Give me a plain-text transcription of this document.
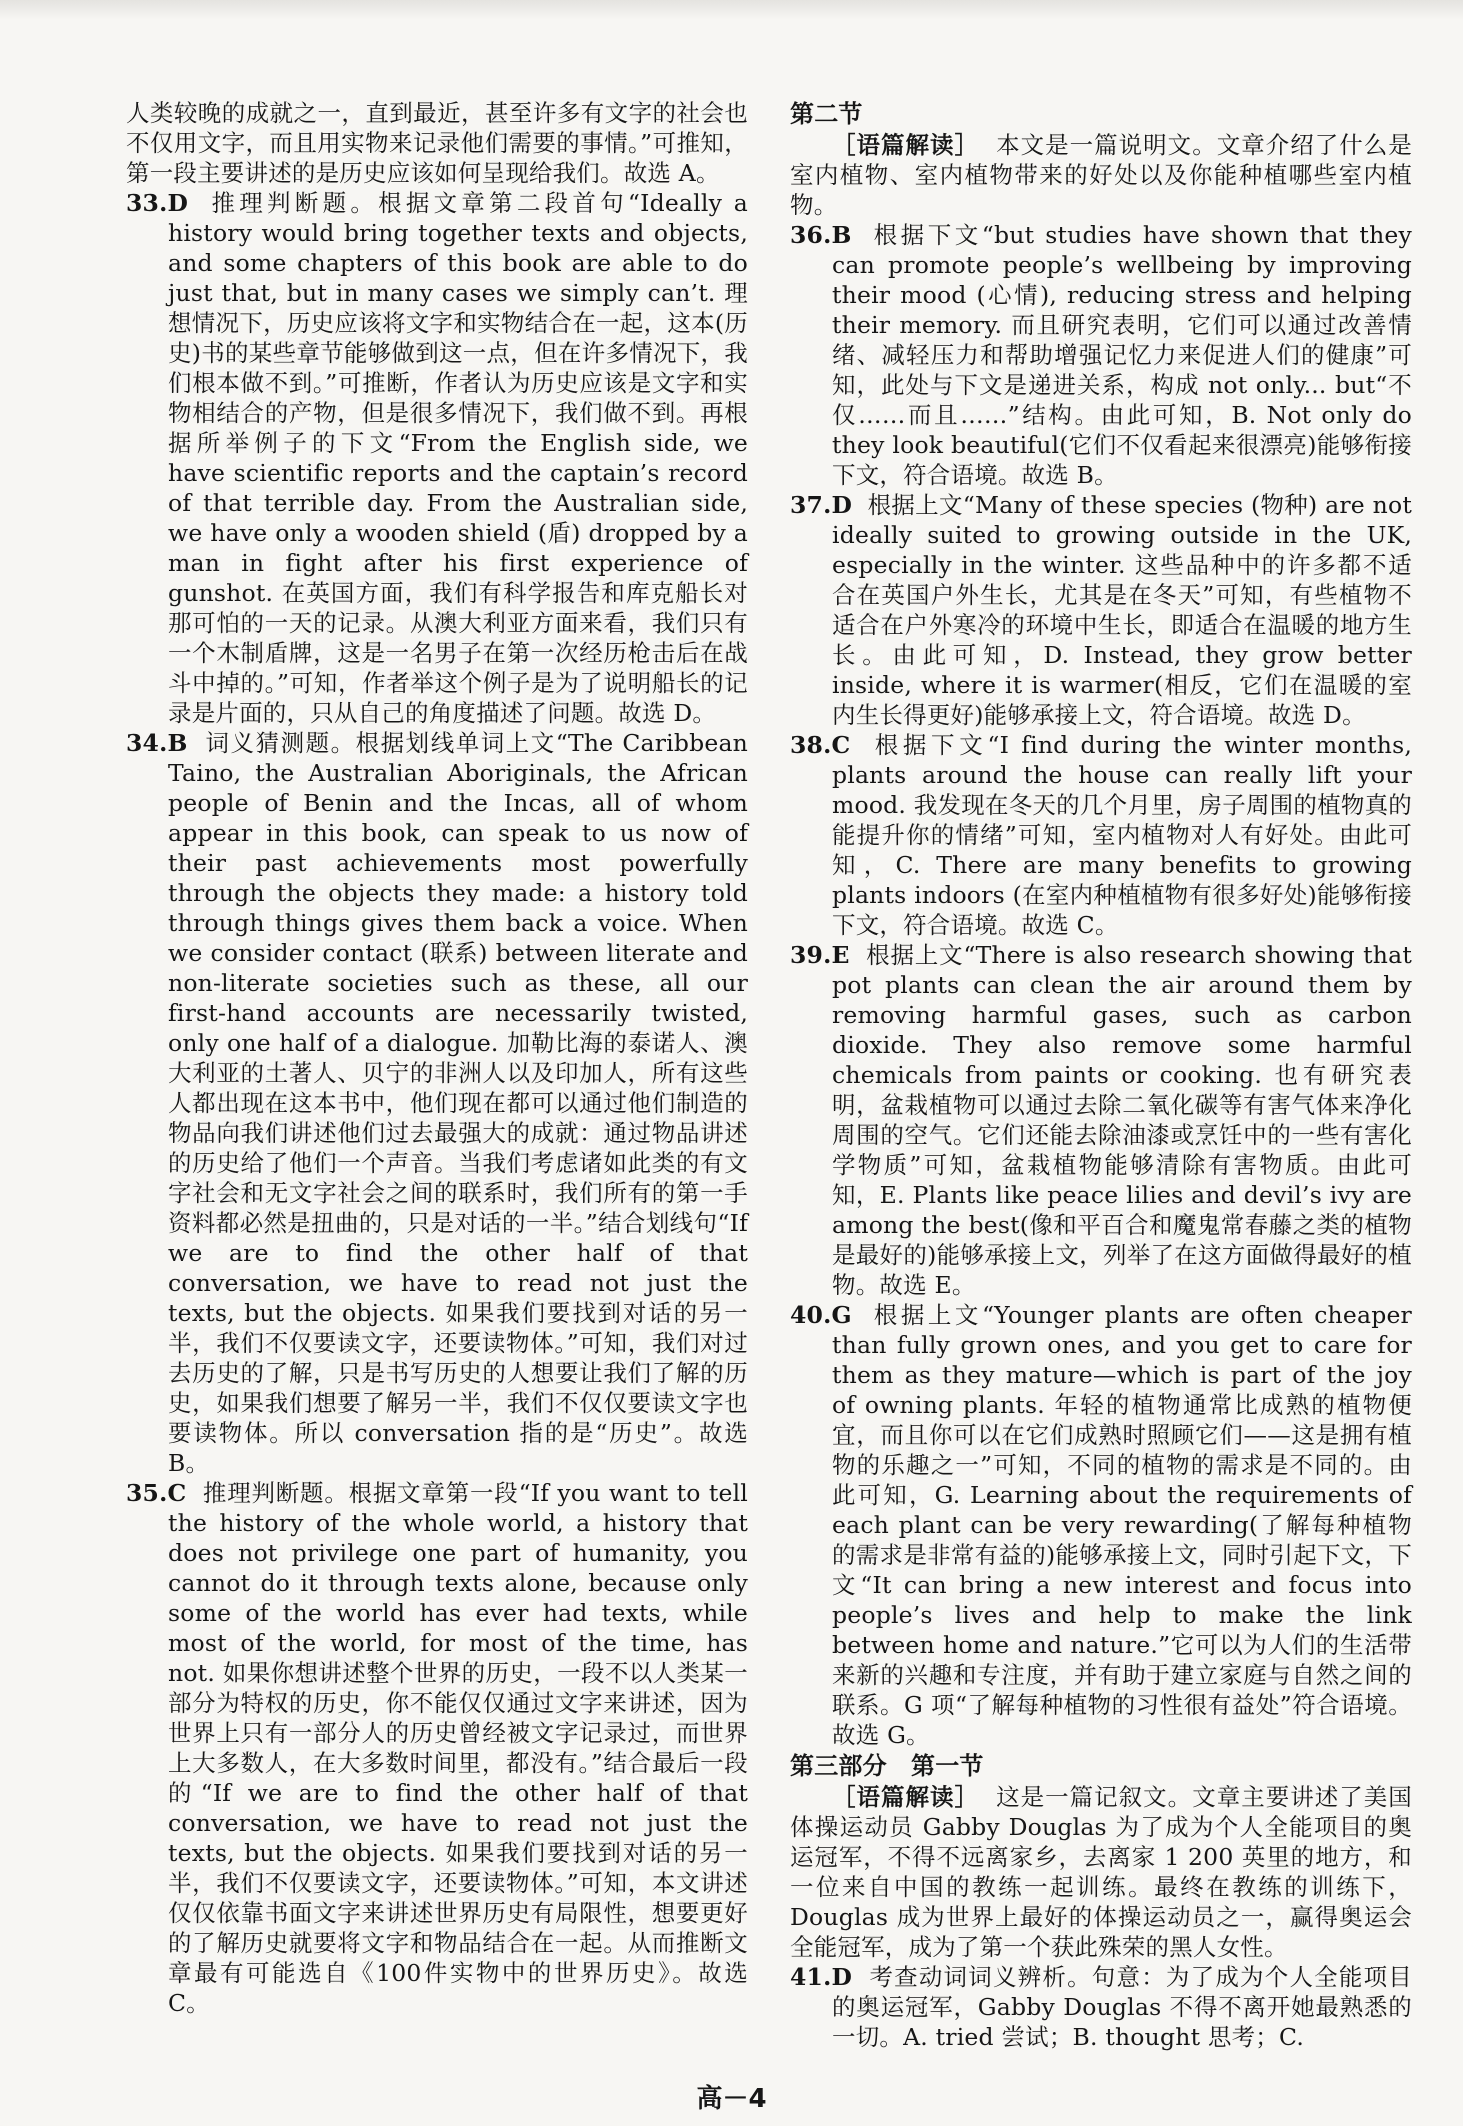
人类较晚的成就之一，直到最近，甚至许多有文字的社会也不仅用文字，而且用实物来记录他们需要的事情。”可推知，第一段主要讲述的是历史应该如何呈现给我们。故选 A。

33.D 推理判断题。根据文章第二段首句“Ideally a history would bring together texts and objects, and some chapters of this book are able to do just that, but in many cases we simply can’t. 理想情况下，历史应该将文字和实物结合在一起，这本(历史)书的某些章节能够做到这一点，但在许多情况下，我们根本做不到。”可推断，作者认为历史应该是文字和实物相结合的产物，但是很多情况下，我们做不到。再根据所举例子的下文“From the English side, we have scientific reports and the captain’s record of that terrible day. From the Australian side, we have only a wooden shield (盾) dropped by a man in fight after his first experience of gunshot. 在英国方面，我们有科学报告和库克船长对那可怕的一天的记录。从澳大利亚方面来看，我们只有一个木制盾牌，这是一名男子在第一次经历枪击后在战斗中掉的。”可知，作者举这个例子是为了说明船长的记录是片面的，只从自己的角度描述了问题。故选 D。

34.B 词义猜测题。根据划线单词上文“The Caribbean Taino, the Australian Aboriginals, the African people of Benin and the Incas, all of whom appear in this book, can speak to us now of their past achievements most powerfully through the objects they made: a history told through things gives them back a voice. When we consider contact (联系) between literate and non-literate societies such as these, all our first-hand accounts are necessarily twisted, only one half of a dialogue. 加勒比海的泰诺人、澳大利亚的土著人、贝宁的非洲人以及印加人，所有这些人都出现在这本书中，他们现在都可以通过他们制造的物品向我们讲述他们过去最强大的成就：通过物品讲述的历史给了他们一个声音。当我们考虑诸如此类的有文字社会和无文字社会之间的联系时，我们所有的第一手资料都必然是扭曲的，只是对话的一半。”结合划线句“If we are to find the other half of that conversation, we have to read not just the texts, but the objects. 如果我们要找到对话的另一半，我们不仅要读文字，还要读物体。”可知，我们对过去历史的了解，只是书写历史的人想要让我们了解的历史，如果我们想要了解另一半，我们不仅仅要读文字也要读物体。所以 conversation 指的是“历史”。故选 B。

35.C 推理判断题。根据文章第一段“If you want to tell the history of the whole world, a history that does not privilege one part of humanity, you cannot do it through texts alone, because only some of the world has ever had texts, while most of the world, for most of the time, has not. 如果你想讲述整个世界的历史，一段不以人类某一部分为特权的历史，你不能仅仅通过文字来讲述，因为世界上只有一部分人的历史曾经被文字记录过，而世界上大多数人，在大多数时间里，都没有。”结合最后一段的“If we are to find the other half of that conversation, we have to read not just the texts, but the objects. 如果我们要找到对话的另一半，我们不仅要读文字，还要读物体。”可知，本文讲述仅仅依靠书面文字来讲述世界历史有局限性，想要更好的了解历史就要将文字和物品结合在一起。从而推断文章最有可能选自《100件实物中的世界历史》。故选 C。

第二节

［语篇解读］ 本文是一篇说明文。文章介绍了什么是室内植物、室内植物带来的好处以及你能种植哪些室内植物。

36.B 根据下文“but studies have shown that they can promote people’s wellbeing by improving their mood (心情), reducing stress and helping their memory. 而且研究表明，它们可以通过改善情绪、减轻压力和帮助增强记忆力来促进人们的健康”可知，此处与下文是递进关系，构成 not only... but“不仅……而且……”结构。由此可知，B. Not only do they look beautiful(它们不仅看起来很漂亮)能够衔接下文，符合语境。故选 B。

37.D 根据上文“Many of these species (物种) are not ideally suited to growing outside in the UK, especially in the winter. 这些品种中的许多都不适合在英国户外生长，尤其是在冬天”可知，有些植物不适合在户外寒冷的环境中生长，即适合在温暖的地方生长。由此可知，D. Instead, they grow better inside, where it is warmer(相反，它们在温暖的室内生长得更好)能够承接上文，符合语境。故选 D。

38.C 根据下文“I find during the winter months, plants around the house can really lift your mood. 我发现在冬天的几个月里，房子周围的植物真的能提升你的情绪”可知，室内植物对人有好处。由此可知，C. There are many benefits to growing plants indoors (在室内种植植物有很多好处)能够衔接下文，符合语境。故选 C。

39.E 根据上文“There is also research showing that pot plants can clean the air around them by removing harmful gases, such as carbon dioxide. They also remove some harmful chemicals from paints or cooking. 也有研究表明，盆栽植物可以通过去除二氧化碳等有害气体来净化周围的空气。它们还能去除油漆或烹饪中的一些有害化学物质”可知，盆栽植物能够清除有害物质。由此可知，E. Plants like peace lilies and devil’s ivy are among the best(像和平百合和魔鬼常春藤之类的植物是最好的)能够承接上文，列举了在这方面做得最好的植物。故选 E。

40.G 根据上文“Younger plants are often cheaper than fully grown ones, and you get to care for them as they mature—which is part of the joy of owning plants. 年轻的植物通常比成熟的植物便宜，而且你可以在它们成熟时照顾它们——这是拥有植物的乐趣之一”可知，不同的植物的需求是不同的。由此可知，G. Learning about the requirements of each plant can be very rewarding(了解每种植物的需求是非常有益的)能够承接上文，同时引起下文，下文“It can bring a new interest and focus into people’s lives and help to make the link between home and nature.”它可以为人们的生活带来新的兴趣和专注度，并有助于建立家庭与自然之间的联系。G 项“了解每种植物的习性很有益处”符合语境。故选 G。

第三部分　第一节

［语篇解读］ 这是一篇记叙文。文章主要讲述了美国体操运动员 Gabby Douglas 为了成为个人全能项目的奥运冠军，不得不远离家乡，去离家 1 200 英里的地方，和一位来自中国的教练一起训练。最终在教练的训练下，Douglas 成为世界上最好的体操运动员之一，赢得奥运会全能冠军，成为了第一个获此殊荣的黑人女性。

41.D 考查动词词义辨析。句意：为了成为个人全能项目的奥运冠军，Gabby Douglas 不得不离开她最熟悉的一切。A. tried 尝试；B. thought 思考；C.

高－4
